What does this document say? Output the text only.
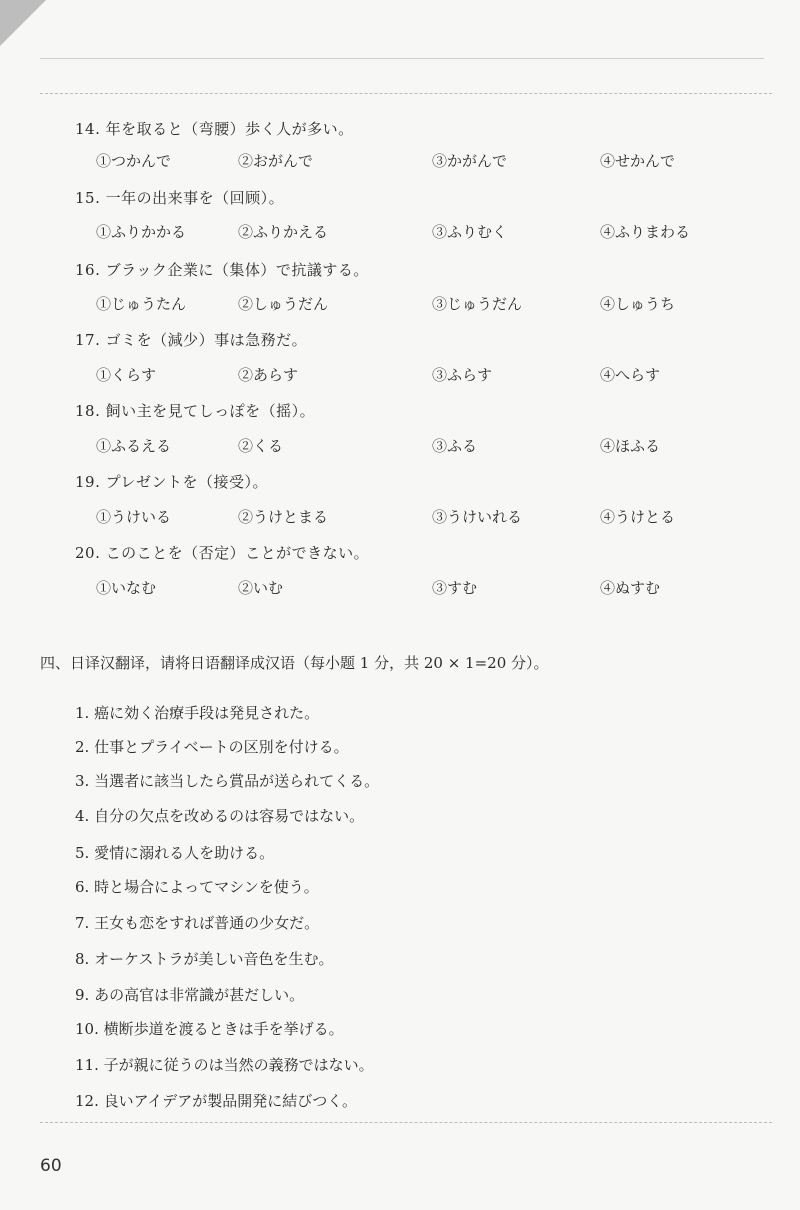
14. 年を取ると（弯腰）歩く人が多い。
①つかんで	②おがんで	③かがんで	④せかんで
15. 一年の出来事を（回顾）。
①ふりかかる	②ふりかえる	③ふりむく	④ふりまわる
16. ブラック企業に（集体）で抗議する。
①じゅうたん	②しゅうだん	③じゅうだん	④しゅうち
17. ゴミを（減少）事は急務だ。
①くらす	②あらす	③ふらす	④へらす
18. 飼い主を見てしっぽを（摇）。
①ふるえる	②くる	③ふる	④ほふる
19. プレゼントを（接受）。
①うけいる	②うけとまる	③うけいれる	④うけとる
20. このことを（否定）ことができない。
①いなむ	②いむ	③すむ	④ぬすむ
四、日译汉翻译，请将日语翻译成汉语（每小题 1 分，共 20 × 1=20 分）。
1. 癌に効く治療手段は発見された。
2. 仕事とプライベートの区別を付ける。
3. 当選者に該当したら賞品が送られてくる。
4. 自分の欠点を改めるのは容易ではない。
5. 愛情に溺れる人を助ける。
6. 時と場合によってマシンを使う。
7. 王女も恋をすれば普通の少女だ。
8. オーケストラが美しい音色を生む。
9. あの高官は非常識が甚だしい。
10. 横断歩道を渡るときは手を挙げる。
11. 子が親に従うのは当然の義務ではない。
12. 良いアイデアが製品開発に結びつく。
60
